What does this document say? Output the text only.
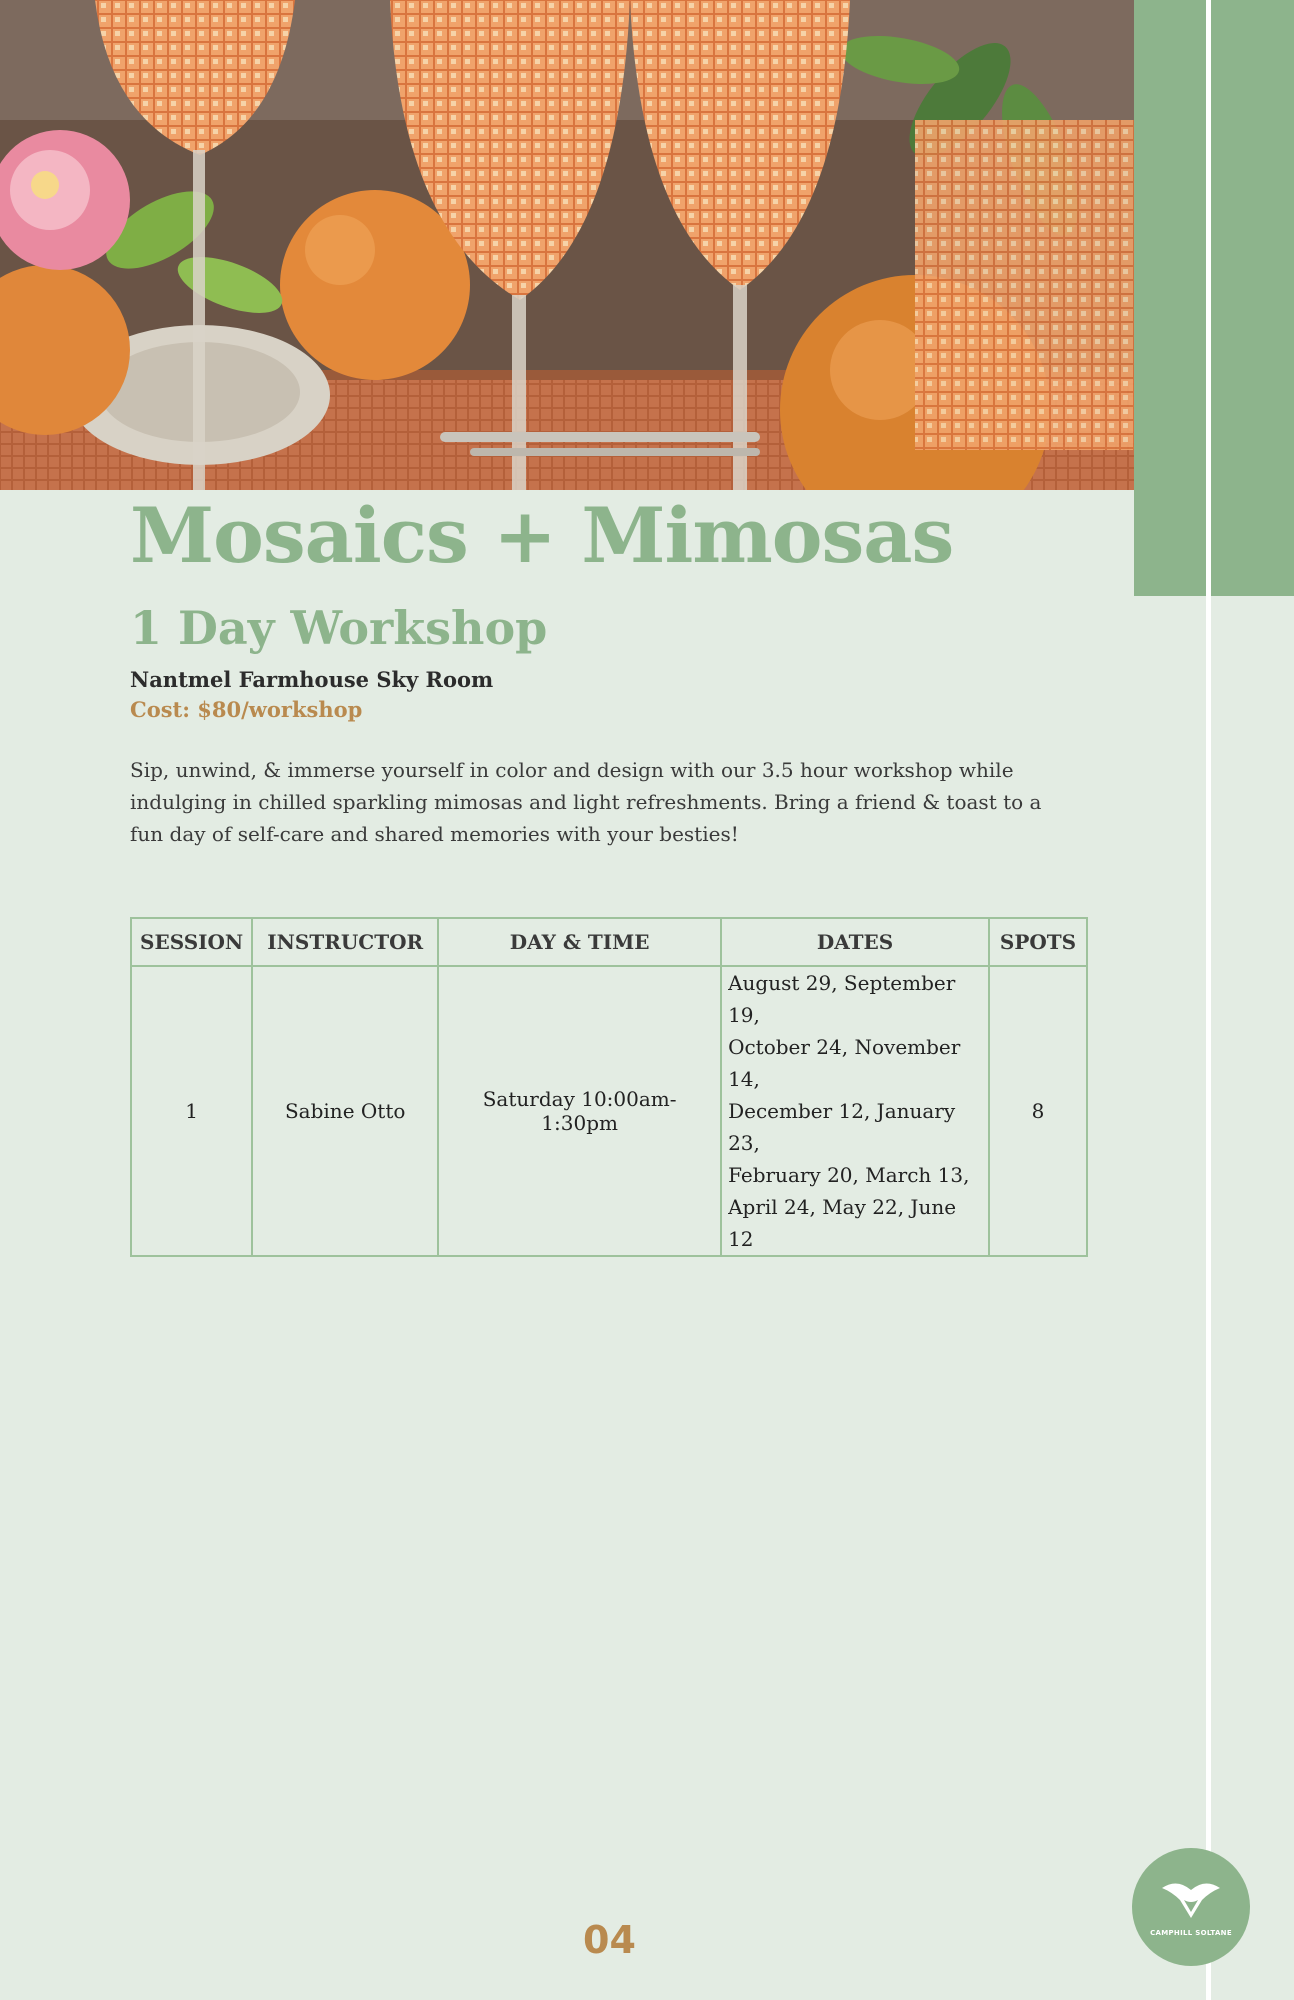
Mosaics + Mimosas
1 Day Workshop
Nantmel Farmhouse Sky Room
Cost: $80/workshop
Sip, unwind, & immerse yourself in color and design with our 3.5 hour workshop while indulging in chilled sparkling mimosas and light refreshments. Bring a friend & toast to a fun day of self-care and shared memories with your besties!
SESSION	INSTRUCTOR	DAY & TIME	DATES	SPOTS
1	Sabine Otto	Saturday 10:00am-1:30pm	August 29, September 19,
October 24, November 14,
December 12, January 23,
February 20, March 13,
April 24, May 22, June 12	8
04	CAMPHILL SOLTANE
